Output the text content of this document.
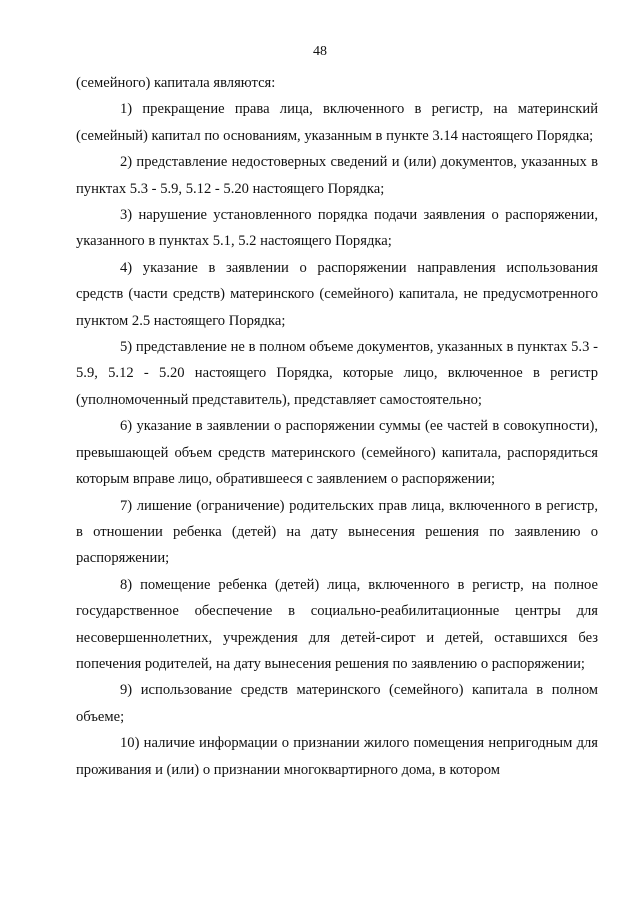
48

(семейного) капитала являются:

1) прекращение права лица, включенного в регистр, на материнский (семейный) капитал по основаниям, указанным в пункте 3.14 настоящего Порядка;

2) представление недостоверных сведений и (или) документов, указанных в пунктах 5.3 - 5.9, 5.12 - 5.20 настоящего Порядка;

3) нарушение установленного порядка подачи заявления о распоряжении, указанного в пунктах 5.1, 5.2 настоящего Порядка;

4) указание в заявлении о распоряжении направления использования средств (части средств) материнского (семейного) капитала, не предусмотренного пунктом 2.5 настоящего Порядка;

5) представление не в полном объеме документов, указанных в пунктах 5.3 - 5.9, 5.12 - 5.20 настоящего Порядка, которые лицо, включенное в регистр (уполномоченный представитель), представляет самостоятельно;

6) указание в заявлении о распоряжении суммы (ее частей в совокупности), превышающей объем средств материнского (семейного) капитала, распорядиться которым вправе лицо, обратившееся с заявлением о распоряжении;

7) лишение (ограничение) родительских прав лица, включенного в регистр, в отношении ребенка (детей) на дату вынесения решения по заявлению о распоряжении;

8) помещение ребенка (детей) лица, включенного в регистр, на полное государственное обеспечение в социально-реабилитационные центры для несовершеннолетних, учреждения для детей-сирот и детей, оставшихся без попечения родителей, на дату вынесения решения по заявлению о распоряжении;

9) использование средств материнского (семейного) капитала в полном объеме;

10) наличие информации о признании жилого помещения непригодным для проживания и (или) о признании многоквартирного дома, в котором
